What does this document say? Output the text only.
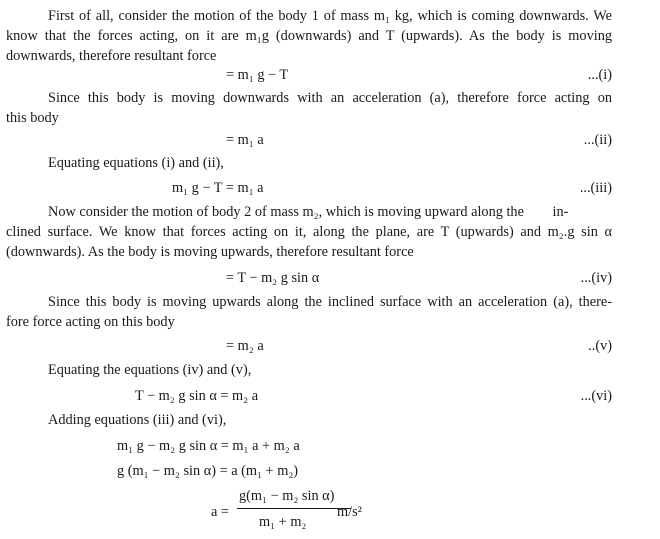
First of all, consider the motion of the body 1 of mass m₁ kg, which is coming downwards. We
know that the forces acting, on it are m₁g (downwards) and T (upwards). As the body is moving
downwards, therefore resultant force
= m₁ g − T	...(i)
Since this body is moving downwards with an acceleration (a), therefore force acting on
this body
= m₁ a	...(ii)
Equating equations (i) and (ii),
m₁ g − T = m₁ a	...(iii)
Now consider the motion of body 2 of mass m₂, which is moving upward along the        in-
clined surface. We know that forces acting on it, along the plane, are T (upwards) and m₂.g sin α
(downwards). As the body is moving upwards, therefore resultant force
= T − m₂ g sin α	...(iv)
Since this body is moving upwards along the inclined surface with an acceleration (a), there-
fore force acting on this body
= m₂ a	..(v)
Equating the equations (iv) and (v),
T − m₂ g sin α = m₂ a	...(vi)
Adding equations (iii) and (vi),
m₁ g − m₂ g sin α = m₁ a + m₂ a
g (m₁ − m₂ sin α) = a (m₁ + m₂)
a =
g(m₁ − m₂ sin α)
m₁ + m₂
m/s²
